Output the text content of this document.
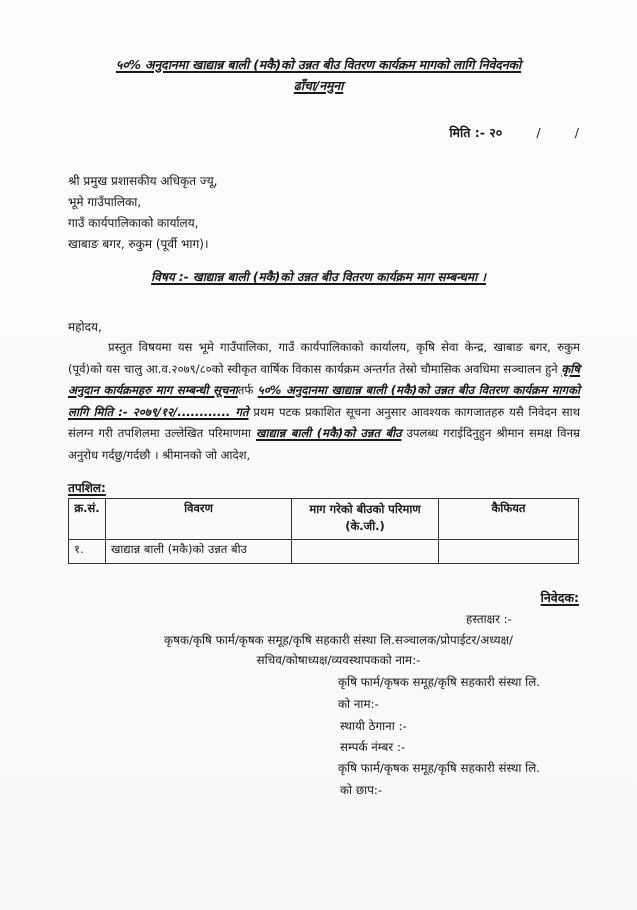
५०% अनुदानमा खाद्यान्न बाली (मकै)को उन्नत बीउ वितरण कार्यक्रम मागको लागि निवेदनको
ढाँचा/नमुना
मिति :- २०	/	/
श्री प्रमुख प्रशासकीय अधिकृत ज्यू,
भूमे गाउँपालिका,
गाउँ कार्यपालिकाको कार्यालय,
खाबाङ बगर, रुकुम (पूर्वी भाग)।
विषय :- खाद्यान्न बाली (मकै)को उन्नत बीउ वितरण कार्यक्रम माग सम्बन्धमा ।
महोदय,
प्रस्तुत विषयमा यस भूमे गाउँपालिका, गाउँ कार्यपालिकाको कार्यालय, कृषि सेवा केन्द्र, खाबाङ बगर, रुकुम (पूर्व)को यस चालु आ.व.२०७९/८०को स्वीकृत वार्षिक विकास कार्यक्रम अन्तर्गत तेस्रो चौमासिक अवधिमा सञ्चालन हुने कृषि अनुदान कार्यक्रमहरु माग सम्बन्धी सूचनातर्फ ५०% अनुदानमा खाद्यान्न बाली (मकै)को उन्नत बीउ वितरण कार्यक्रम मागको लागि मिति :- २०७९/१२/............ गते प्रथम पटक प्रकाशित सूचना अनुसार आवश्यक कागजातहरु यसै निवेदन साथ संलग्न गरी तपशिलमा उल्लेखित परिमाणमा खाद्यान्न बाली (मकै)को उन्नत बीउ उपलब्ध गराईदिनुहुन श्रीमान समक्ष विनम्र अनुरोध गर्दछु/गर्दछौ । श्रीमानको जो आदेश,
तपशिल:
क्र.सं.	विवरण	माग गरेको बीउको परिमाण (के.जी.)	कैफियत
१.	खाद्यान्न बाली (मकै)को उन्नत बीउ		
निवेदक:
हस्ताक्षर :-
कृषक/कृषि फार्म/कृषक समूह/कृषि सहकारी संस्था लि.सञ्चालक/प्रोपाईटर/अध्यक्ष/
सचिव/कोषाध्यक्ष/व्यवस्थापकको नाम:-
कृषि फार्म/कृषक समूह/कृषि सहकारी संस्था लि.
को नाम:-
स्थायी ठेगाना :-
सम्पर्क नंम्बर :-
कृषि फार्म/कृषक समूह/कृषि सहकारी संस्था लि.
को छाप:-
